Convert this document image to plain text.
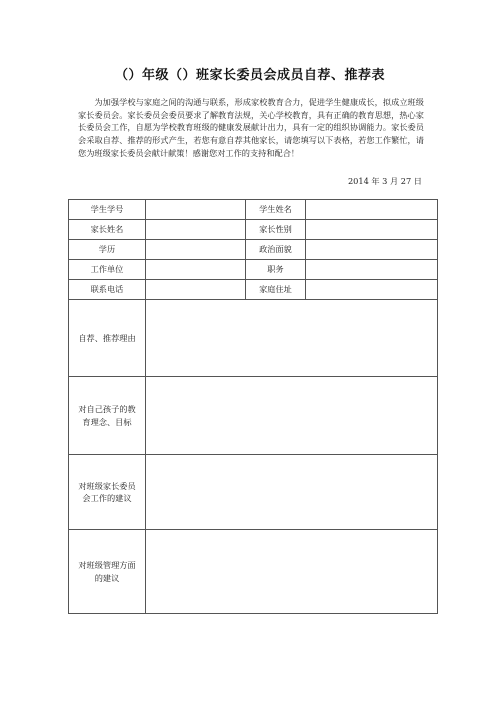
（）年级（）班家长委员会成员自荐、推荐表

为加强学校与家庭之间的沟通与联系，形成家校教育合力，促进学生健康成长，拟成立班级家长委员会。家长委员会委员要求了解教育法规，关心学校教育，具有正确的教育思想，热心家长委员会工作，自愿为学校教育班级的健康发展献计出力，具有一定的组织协调能力。家长委员会采取自荐、推荐的形式产生，若您有意自荐其他家长，请您填写以下表格，若您工作繁忙，请您为班级家长委员会献计献策！感谢您对工作的支持和配合！

2014 年 3 月 27 日
学生学号		学生姓名	

家长姓名		家长性别	

学历		政治面貌	

工作单位		职务	

联系电话		家庭住址	

自荐、推荐理由			

对自己孩子的教育理念、目标			

对班级家长委员会工作的建议			

对班级管理方面的建议			
